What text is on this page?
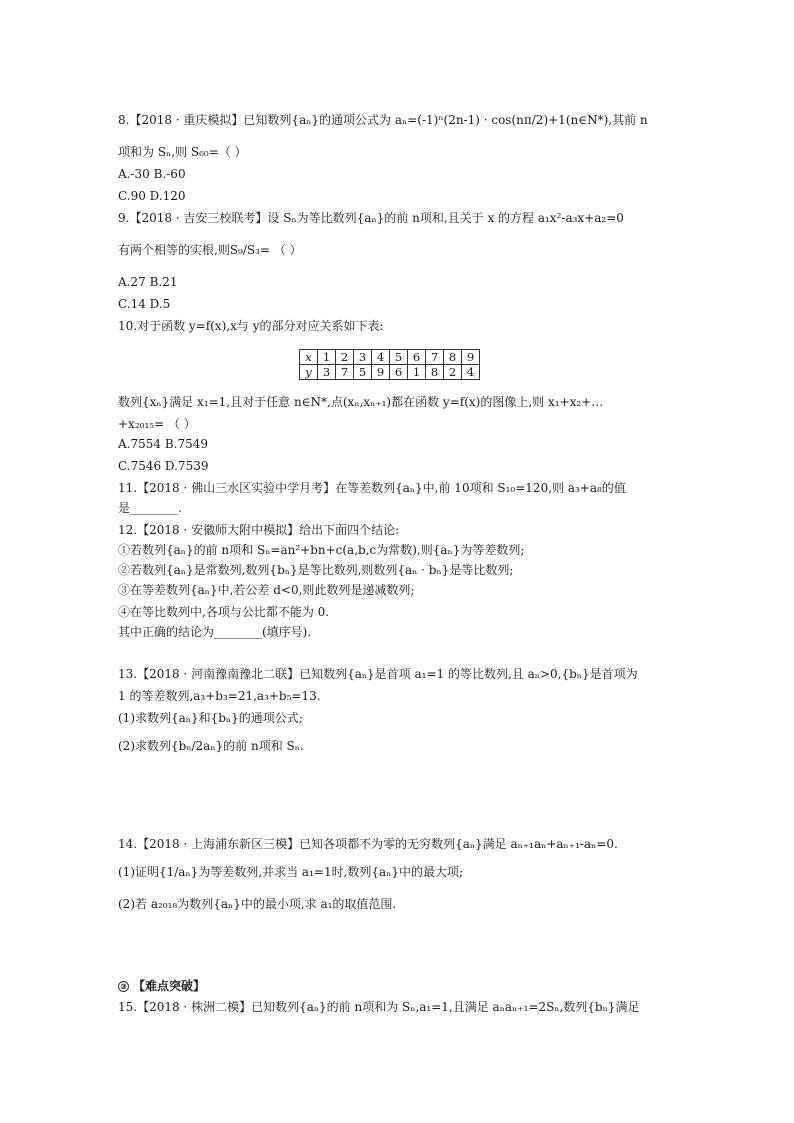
8.【2018 · 重庆模拟】已知数列{aₙ}的通项公式为 aₙ=(-1)ⁿ(2n-1) · cos(nπ/2)+1(n∈N*),其前 n
项和为 Sₙ,则 S₆₀=（ ）
A.-30 B.-60
C.90 D.120
9.【2018 · 吉安三校联考】设 Sₙ为等比数列{aₙ}的前 n项和,且关于 x 的方程 a₁x²-a₃x+a₂=0
有两个相等的实根,则S₉/S₃= （ ）
A.27 B.21
C.14 D.5
10.对于函数 y=f(x),x与 y的部分对应关系如下表:
x	1	2	3	4	5	6	7	8	9
y	3	7	5	9	6	1	8	2	4
数列{xₙ}满足 x₁=1,且对于任意 n∈N*,点(xₙ,xₙ₊₁)都在函数 y=f(x)的图像上,则 x₁+x₂+…
+x₂₀₁₅= （ ）
A.7554 B.7549
C.7546 D.7539
11.【2018 · 佛山三水区实验中学月考】在等差数列{aₙ}中,前 10项和 S₁₀=120,则 a₃+a₈的值
是________.
12.【2018 · 安徽师大附中模拟】给出下面四个结论:
①若数列{aₙ}的前 n项和 Sₙ=an²+bn+c(a,b,c为常数),则{aₙ}为等差数列;
②若数列{aₙ}是常数列,数列{bₙ}是等比数列,则数列{aₙ · bₙ}是等比数列;
③在等差数列{aₙ}中,若公差 d<0,则此数列是递减数列;
④在等比数列中,各项与公比都不能为 0.
其中正确的结论为________(填序号).
13.【2018 · 河南豫南豫北二联】已知数列{aₙ}是首项 a₁=1 的等比数列,且 aₙ>0,{bₙ}是首项为
1 的等差数列,a₃+b₃=21,a₃+b₅=13.
(1)求数列{aₙ}和{bₙ}的通项公式;
(2)求数列{bₙ/2aₙ}的前 n项和 Sₙ.
14.【2018 · 上海浦东新区三模】已知各项都不为零的无穷数列{aₙ}满足 aₙ₊₁aₙ+aₙ₊₁-aₙ=0.
(1)证明{1/aₙ}为等差数列,并求当 a₁=1时,数列{aₙ}中的最大项;
(2)若 a₂₀₁₈为数列{aₙ}中的最小项,求 a₁的取值范围.
③ 【难点突破】
15.【2018 · 株洲二模】已知数列{aₙ}的前 n项和为 Sₙ,a₁=1,且满足 aₙaₙ₊₁=2Sₙ,数列{bₙ}满足
